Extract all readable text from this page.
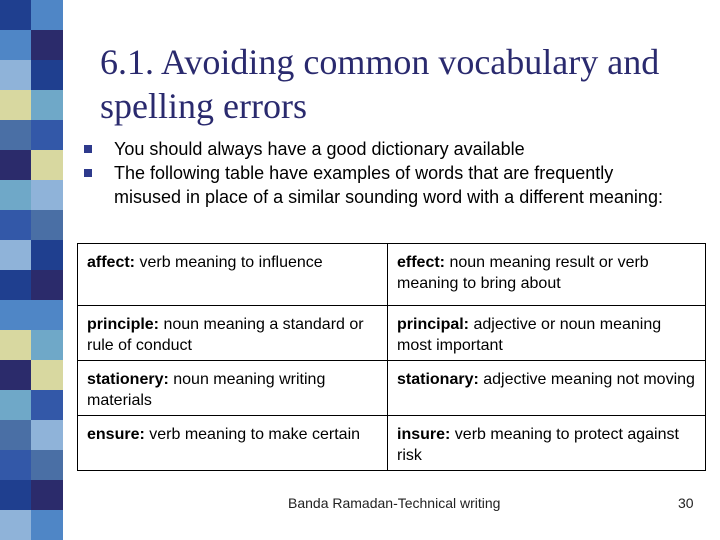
6.1. Avoiding common vocabulary and
spelling errors
You should always have a good dictionary available
The following table have examples of words that are frequently misused in place of a similar sounding word with a different meaning:
affect: verb meaning to influence	effect: noun meaning result or verb meaning to bring about
principle: noun meaning a standard or rule of conduct	principal: adjective or noun meaning most important
stationery: noun meaning writing materials	stationary: adjective meaning not moving
ensure: verb meaning to make certain	insure: verb meaning to protect against risk
Banda Ramadan-Technical writing	30
